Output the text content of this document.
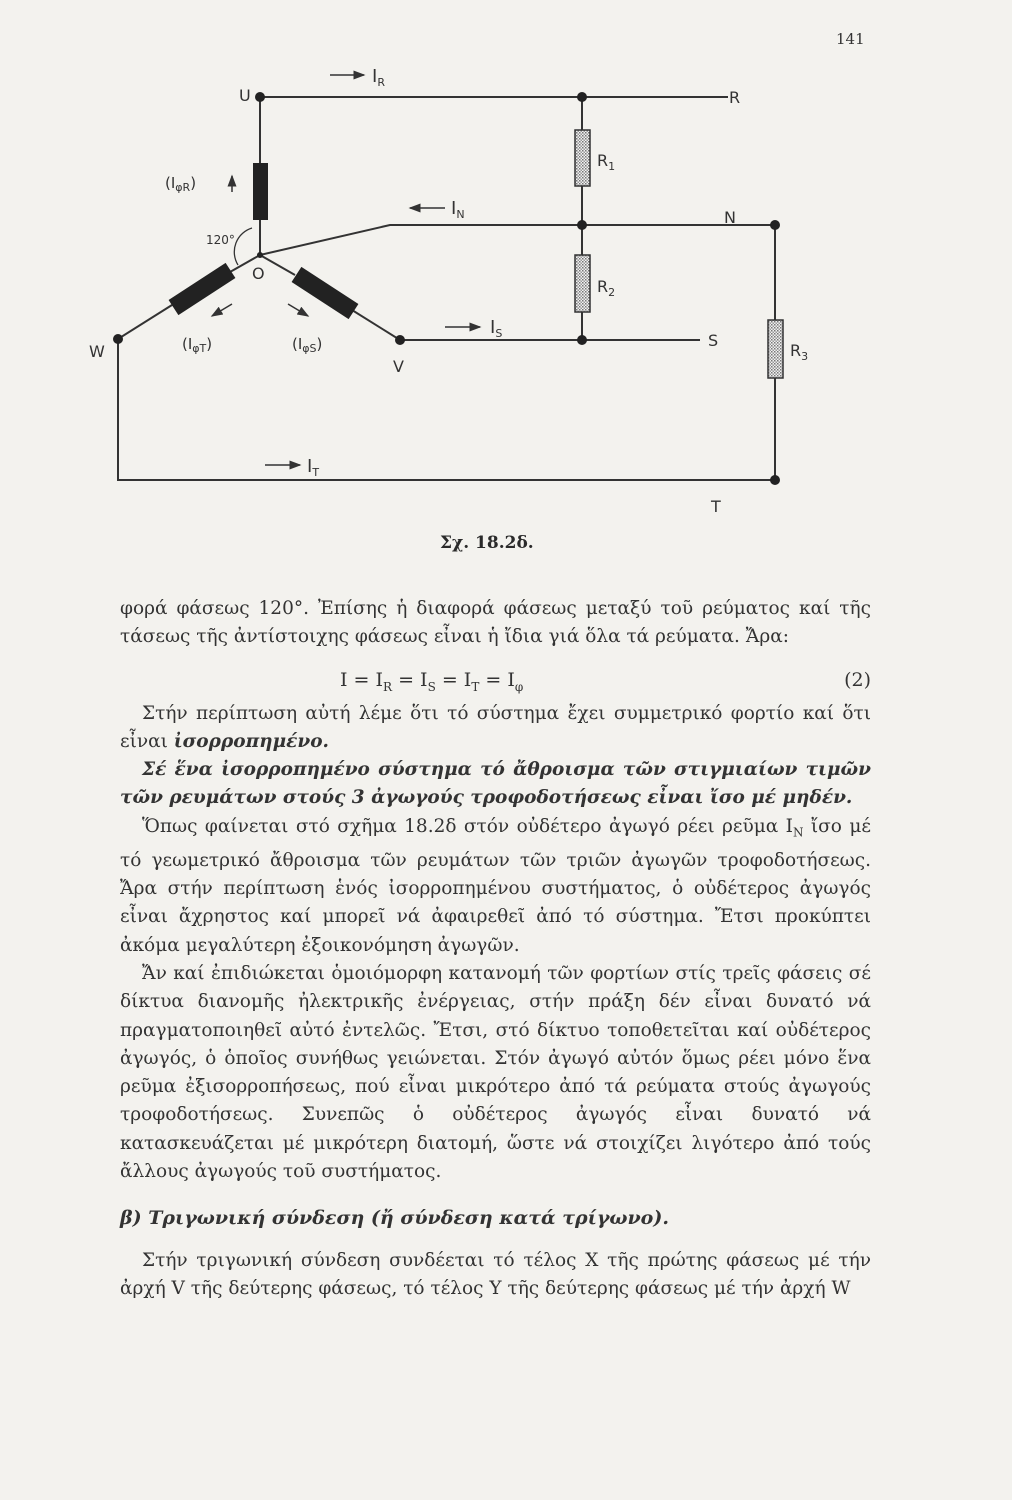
141
U
V
W
O
R
N
S
T
120°
$I_R$
$I_N$
$I_S$
$I_T$
$(I_{\varphi R})$
$(I_{\varphi T})$	$(I_{\varphi S})$
$R_1$
$R_2$
$R_3$
Σχ. 18.2δ.

φορά φάσεως 120°. Ἐπίσης ἡ διαφορά φάσεως μεταξύ τοῦ ρεύματος καί τῆς τάσεως τῆς ἀντίστοιχης φάσεως εἶναι ἡ ἴδια γιά ὅλα τά ρεύματα. Ἄρα:

$I = I_R = I_S = I_T = I_\varphi$	(2)

Στήν περίπτωση αὐτή λέμε ὅτι τό σύστημα ἔχει συμμετρικό φορτίο καί ὅτι εἶναι ἰσορροπημένο.

Σέ ἕνα ἰσορροπημένο σύστημα τό ἄθροισμα τῶν στιγμιαίων τιμῶν τῶν ρευμάτων στούς 3 ἀγωγούς τροφοδοτήσεως εἶναι ἴσο μέ μηδέν.

Ὅπως φαίνεται στό σχῆμα 18.2δ στόν οὐδέτερο ἀγωγό ρέει ρεῦμα $I_N$ ἴσο μέ τό γεωμετρικό ἄθροισμα τῶν ρευμάτων τῶν τριῶν ἀγωγῶν τροφοδοτήσεως. Ἄρα στήν περίπτωση ἑνός ἰσορροπημένου συστήματος, ὁ οὐδέτερος ἀγωγός εἶναι ἄχρηστος καί μπορεῖ νά ἀφαιρεθεῖ ἀπό τό σύστημα. Ἔτσι προκύπτει ἀκόμα μεγαλύτερη ἐξοικονόμηση ἀγωγῶν.

Ἄν καί ἐπιδιώκεται ὁμοιόμορφη κατανομή τῶν φορτίων στίς τρεῖς φάσεις σέ δίκτυα διανομῆς ἠλεκτρικῆς ἐνέργειας, στήν πράξη δέν εἶναι δυνατό νά πραγματοποιηθεῖ αὐτό ἐντελῶς. Ἔτσι, στό δίκτυο τοποθετεῖται καί οὐδέτερος ἀγωγός, ὁ ὁποῖος συνήθως γειώνεται. Στόν ἀγωγό αὐτόν ὅμως ρέει μόνο ἕνα ρεῦμα ἐξισορροπήσεως, πού εἶναι μικρότερο ἀπό τά ρεύματα στούς ἀγωγούς τροφοδοτήσεως. Συνεπῶς ὁ οὐδέτερος ἀγωγός εἶναι δυνατό νά κατασκευάζεται μέ μικρότερη διατομή, ὥστε νά στοιχίζει λιγότερο ἀπό τούς ἄλλους ἀγωγούς τοῦ συστήματος.

β) Τριγωνική σύνδεση (ἤ σύνδεση κατά τρίγωνο).

Στήν τριγωνική σύνδεση συνδέεται τό τέλος X τῆς πρώτης φάσεως μέ τήν ἀρχή V τῆς δεύτερης φάσεως, τό τέλος Y τῆς δεύτερης φάσεως μέ τήν ἀρχή W
